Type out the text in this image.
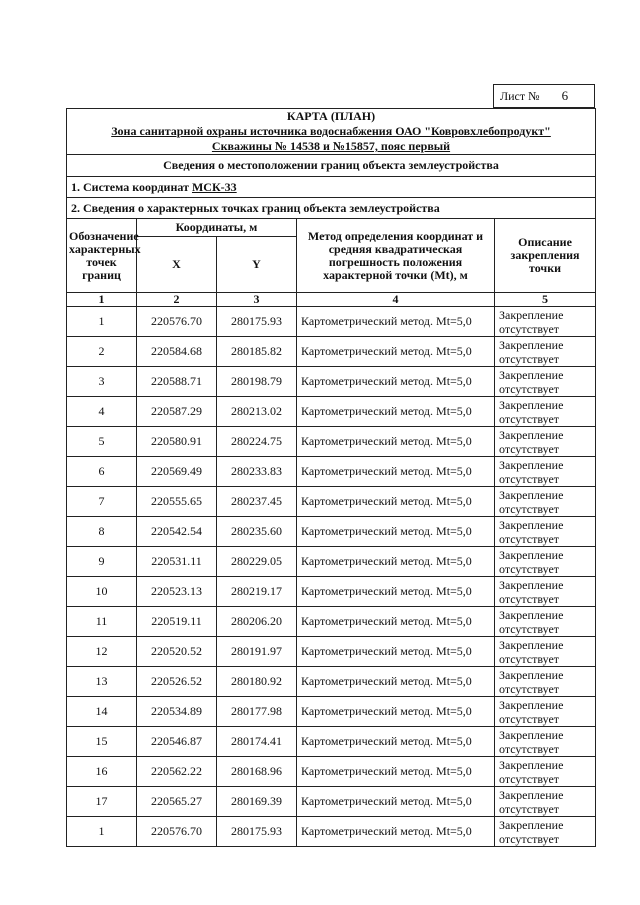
Лист № 6
КАРТА (ПЛАН)
Зона санитарной охраны источника водоснабжения ОАО "Ковровхлебопродукт"
Скважины № 14538 и №15857, пояс первый				

Сведения о местоположении границ объекта землеустройства				
1. Система координат МСК-33				
2. Сведения о характерных точках границ объекта землеустройства				
Обозначение характерных точек границ	Координаты, м		Метод определения координат и средняя квадратическая погрешность положения характерной точки (Mt), м	Описание закрепления точки
	X	Y		
1	2	3	4	5
1	220576.70	280175.93	Картометрический метод. Mt=5,0	Закрепление отсутствует
2	220584.68	280185.82	Картометрический метод. Mt=5,0	Закрепление отсутствует
3	220588.71	280198.79	Картометрический метод. Mt=5,0	Закрепление отсутствует
4	220587.29	280213.02	Картометрический метод. Mt=5,0	Закрепление отсутствует
5	220580.91	280224.75	Картометрический метод. Mt=5,0	Закрепление отсутствует
6	220569.49	280233.83	Картометрический метод. Mt=5,0	Закрепление отсутствует
7	220555.65	280237.45	Картометрический метод. Mt=5,0	Закрепление отсутствует
8	220542.54	280235.60	Картометрический метод. Mt=5,0	Закрепление отсутствует
9	220531.11	280229.05	Картометрический метод. Mt=5,0	Закрепление отсутствует
10	220523.13	280219.17	Картометрический метод. Mt=5,0	Закрепление отсутствует
11	220519.11	280206.20	Картометрический метод. Mt=5,0	Закрепление отсутствует
12	220520.52	280191.97	Картометрический метод. Mt=5,0	Закрепление отсутствует
13	220526.52	280180.92	Картометрический метод. Mt=5,0	Закрепление отсутствует
14	220534.89	280177.98	Картометрический метод. Mt=5,0	Закрепление отсутствует
15	220546.87	280174.41	Картометрический метод. Mt=5,0	Закрепление отсутствует
16	220562.22	280168.96	Картометрический метод. Mt=5,0	Закрепление отсутствует
17	220565.27	280169.39	Картометрический метод. Mt=5,0	Закрепление отсутствует
1	220576.70	280175.93	Картометрический метод. Mt=5,0	Закрепление отсутствует
